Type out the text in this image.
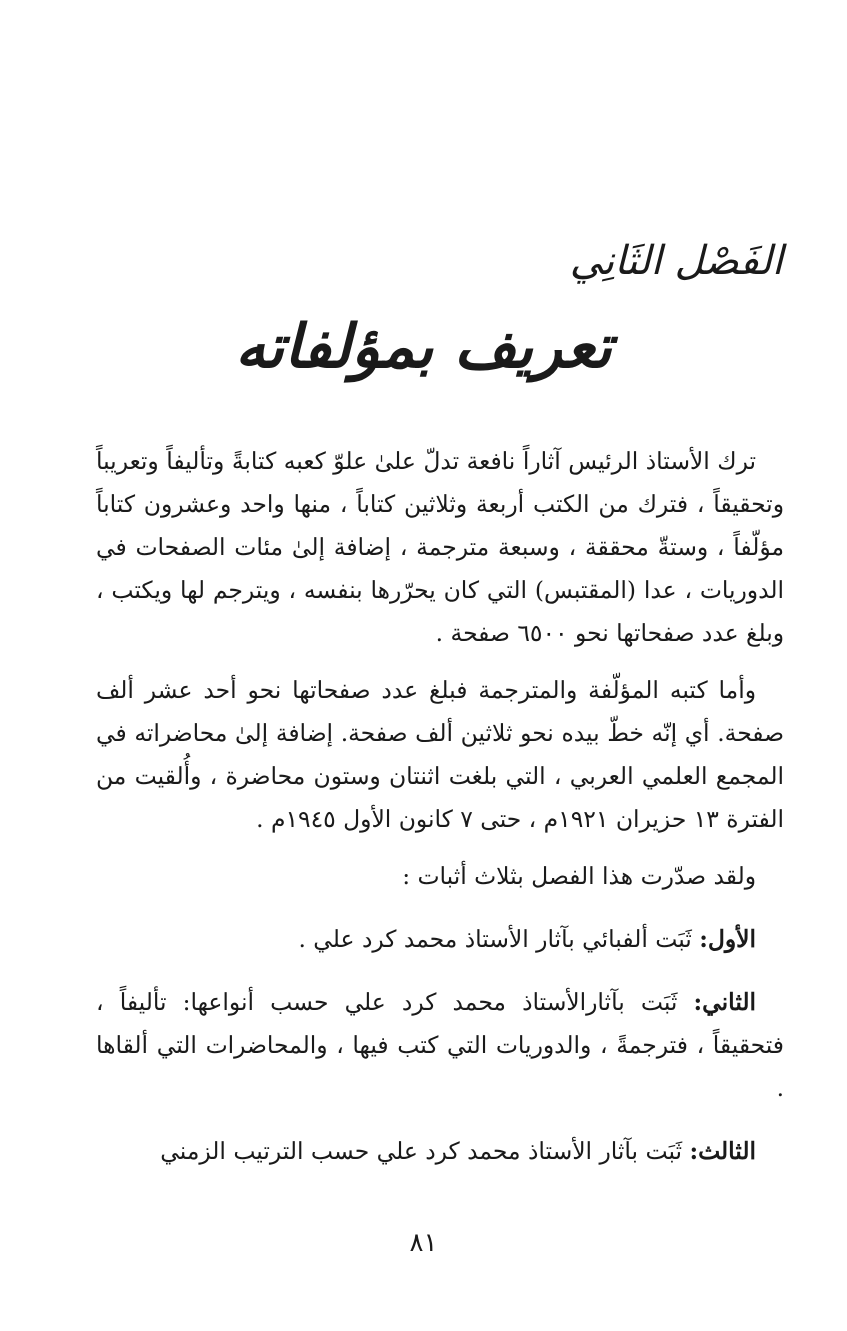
الفَصْل الثَانِي
تعريف بمؤلفاته

ترك الأستاذ الرئيس آثاراً نافعة تدلّ علىٰ علوّ كعبه كتابةً وتأليفاً وتعريباً وتحقيقاً ، فترك من الكتب أربعة وثلاثين كتاباً ، منها واحد وعشرون كتاباً مؤلّفاً ، وستةّ محققة ، وسبعة مترجمة ، إضافة إلىٰ مئات الصفحات في الدوريات ، عدا (المقتبس) التي كان يحرّرها بنفسه ، ويترجم لها ويكتب ، وبلغ عدد صفحاتها نحو ٦٥٠٠ صفحة .

وأما كتبه المؤلّفة والمترجمة فبلغ عدد صفحاتها نحو أحد عشر ألف صفحة. أي إنّه خطّ بيده نحو ثلاثين ألف صفحة. إضافة إلىٰ محاضراته في المجمع العلمي العربي ، التي بلغت اثنتان وستون محاضرة ، وأُلقيت من الفترة ١٣ حزيران ١٩٢١م ، حتى ٧ كانون الأول ١٩٤٥م .

ولقد صدّرت هذا الفصل بثلاث أثبات :

الأول: ثَبَت ألفبائي بآثار الأستاذ محمد كرد علي .

الثاني: ثَبَت بآثارالأستاذ محمد كرد علي حسب أنواعها: تأليفاً ، فتحقيقاً ، فترجمةً ، والدوريات التي كتب فيها ، والمحاضرات التي ألقاها .

الثالث: ثَبَت بآثار الأستاذ محمد كرد علي حسب الترتيب الزمني

٨١
